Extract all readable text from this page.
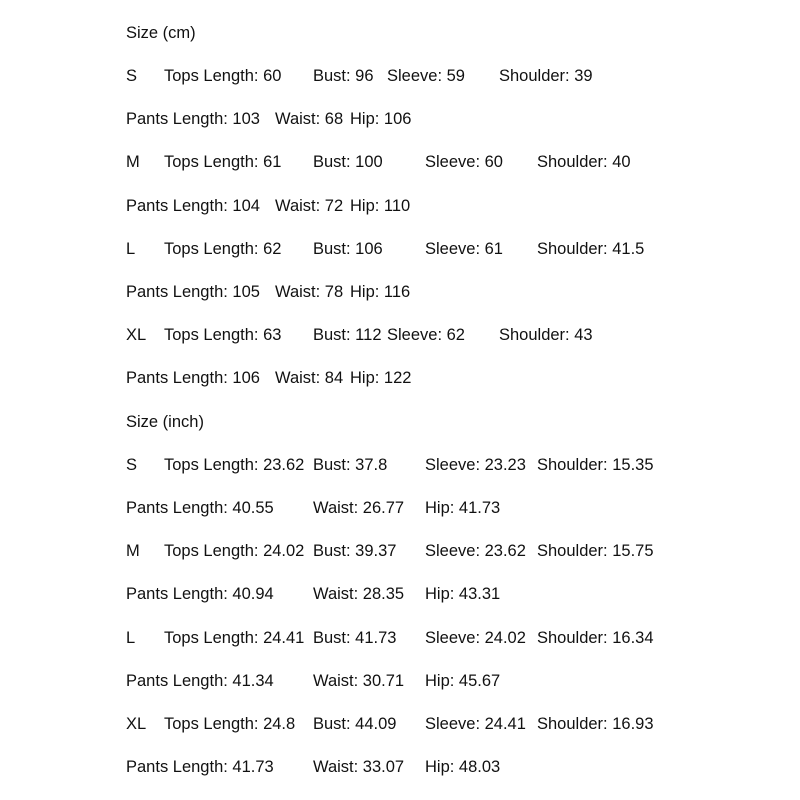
Size (cm)
S Tops Length: 60 Bust: 96 Sleeve: 59 Shoulder: 39
Pants Length: 103 Waist: 68 Hip: 106
M Tops Length: 61 Bust: 100	Sleeve: 60 Shoulder: 40
Pants Length: 104 Waist: 72 Hip: 110
L Tops Length: 62 Bust: 106	Sleeve: 61 Shoulder: 41.5
Pants Length: 105 Waist: 78 Hip: 116
XL Tops Length: 63 Bust: 112 Sleeve: 62 Shoulder: 43
Pants Length: 106 Waist: 84 Hip: 122
Size (inch)
S Tops Length: 23.62 Bust: 37.8 Sleeve: 23.23 Shoulder: 15.35
Pants Length: 40.55 Waist: 26.77 Hip: 41.73
M Tops Length: 24.02 Bust: 39.37 Sleeve: 23.62 Shoulder: 15.75
Pants Length: 40.94 Waist: 28.35 Hip: 43.31
L Tops Length: 24.41 Bust: 41.73 Sleeve: 24.02 Shoulder: 16.34
Pants Length: 41.34 Waist: 30.71 Hip: 45.67
XL Tops Length: 24.8 Bust: 44.09 Sleeve: 24.41 Shoulder: 16.93
Pants Length: 41.73 Waist: 33.07 Hip: 48.03
